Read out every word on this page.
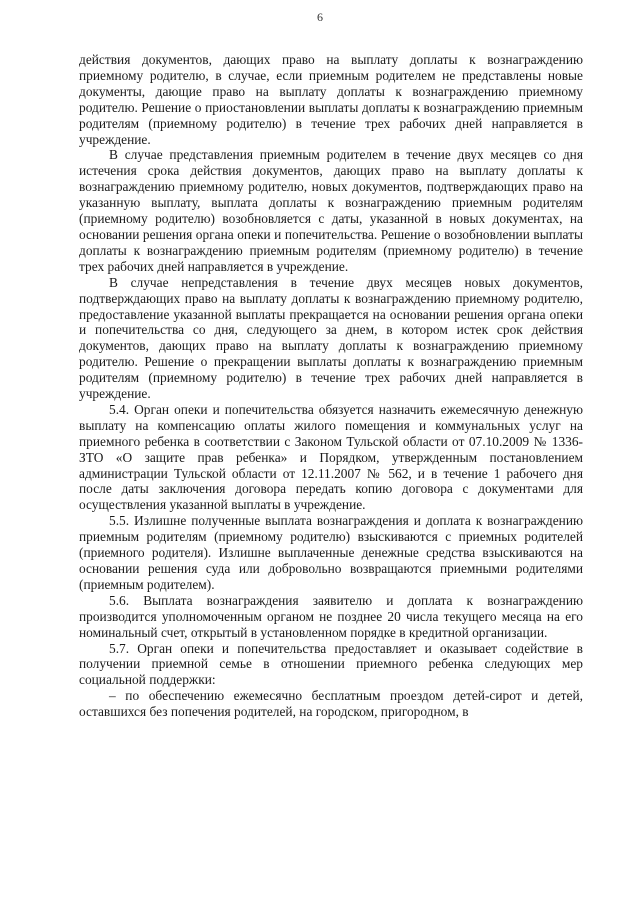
6

действия документов, дающих право на выплату доплаты к вознаграждению приемному родителю, в случае, если приемным родителем не представлены новые документы, дающие право на выплату доплаты к вознаграждению приемному родителю. Решение о приостановлении выплаты доплаты к вознаграждению приемным родителям (приемному родителю) в течение трех рабочих дней направляется в учреждение.

В случае представления приемным родителем в течение двух месяцев со дня истечения срока действия документов, дающих право на выплату доплаты к вознаграждению приемному родителю, новых документов, подтверждающих право на указанную выплату, выплата доплаты к вознаграждению приемным родителям (приемному родителю) возобновляется с даты, указанной в новых документах, на основании решения органа опеки и попечительства. Решение о возобновлении выплаты доплаты к вознаграждению приемным родителям (приемному родителю) в течение трех рабочих дней направляется в учреждение.

В случае непредставления в течение двух месяцев новых документов, подтверждающих право на выплату доплаты к вознаграждению приемному родителю, предоставление указанной выплаты прекращается на основании решения органа опеки и попечительства со дня, следующего за днем, в котором истек срок действия документов, дающих право на выплату доплаты к вознаграждению приемному родителю. Решение о прекращении выплаты доплаты к вознаграждению приемным родителям (приемному родителю) в течение трех рабочих дней направляется в учреждение.

5.4. Орган опеки и попечительства обязуется назначить ежемесячную денежную выплату на компенсацию оплаты жилого помещения и коммунальных услуг на приемного ребенка в соответствии с Законом Тульской области от 07.10.2009 № 1336-ЗТО «О защите прав ребенка» и Порядком, утвержденным постановлением администрации Тульской области от 12.11.2007 № 562, и в течение 1 рабочего дня после даты заключения договора передать копию договора с документами для осуществления указанной выплаты в учреждение.

5.5. Излишне полученные выплата вознаграждения и доплата к вознаграждению приемным родителям (приемному родителю) взыскиваются с приемных родителей (приемного родителя). Излишне выплаченные денежные средства взыскиваются на основании решения суда или добровольно возвращаются приемными родителями (приемным родителем).

5.6. Выплата вознаграждения заявителю и доплата к вознаграждению производится уполномоченным органом не позднее 20 числа текущего месяца на его номинальный счет, открытый в установленном порядке в кредитной организации.

5.7. Орган опеки и попечительства предоставляет и оказывает содействие в получении приемной семье в отношении приемного ребенка следующих мер социальной поддержки:

– по обеспечению ежемесячно бесплатным проездом детей-сирот и детей, оставшихся без попечения родителей, на городском, пригородном, в
